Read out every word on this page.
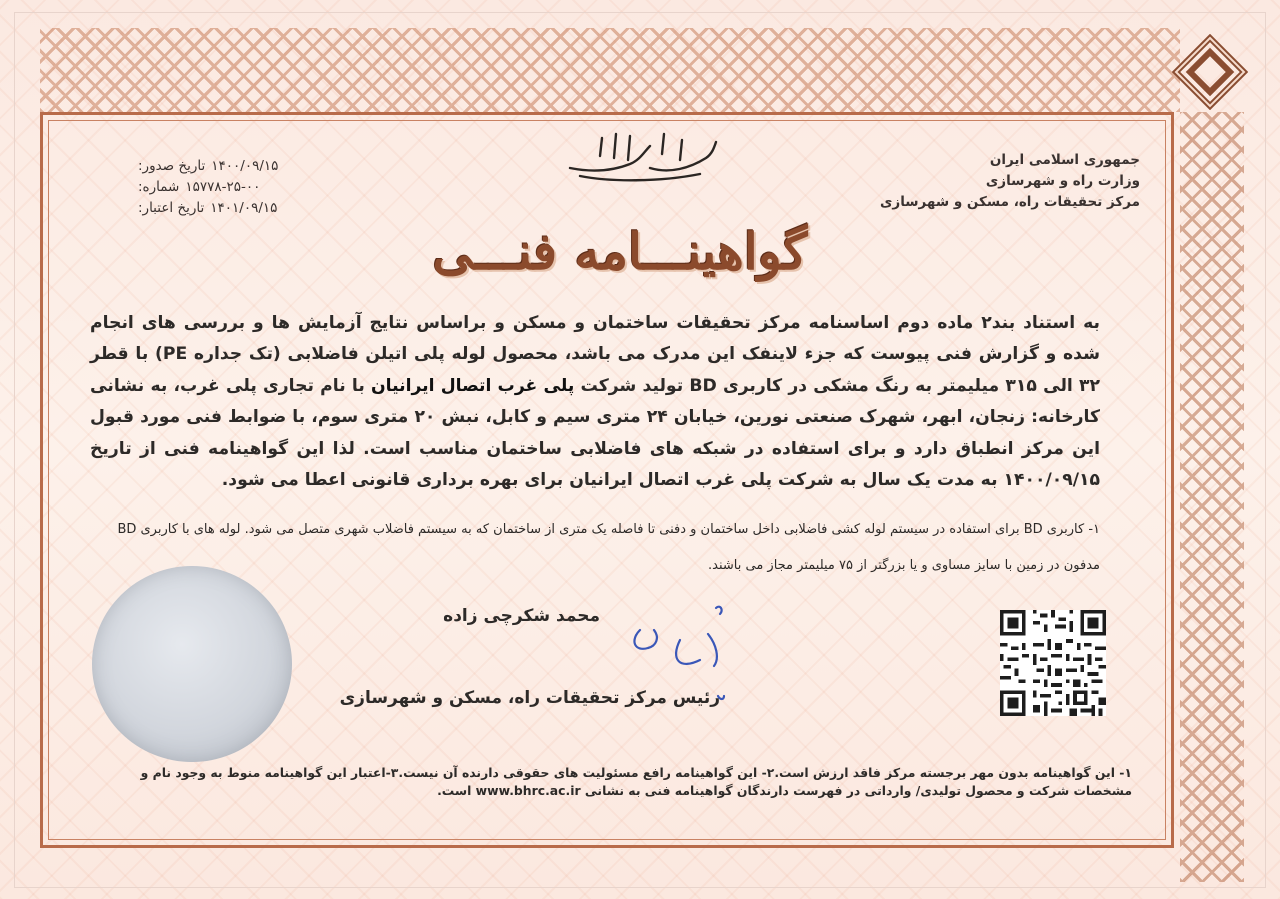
بسم الله الرحمن الرحیم
جمهوری اسلامی ایران
وزارت راه و شهرسازی
مرکز تحقیقات راه، مسکن و شهرسازی
تاریخ صدور: ۱۴۰۰/۰۹/۱۵
شماره: ۱۵۷۷۸-۲۵-۰۰
تاریخ اعتبار: ۱۴۰۱/۰۹/۱۵
گواهینـــامه فنـــی
به استناد بند۲ ماده دوم اساسنامه مرکز تحقیقات ساختمان و مسکن و براساس نتایج آزمایش ها و بررسی های انجام شده و گزارش فنی پیوست که جزء لاینفک این مدرک می باشد، محصول لوله پلی اتیلن فاضلابی (تک جداره PE) با قطر ۳۲ الی ۳۱۵ میلیمتر به رنگ مشکی در کاربری BD تولید شرکت پلی غرب اتصال ایرانیان با نام تجاری پلی غرب، به نشانی کارخانه: زنجان، ابهر، شهرک صنعتی نورین، خیابان ۲۴ متری سیم و کابل، نبش ۲۰ متری سوم، با ضوابط فنی مورد قبول این مرکز انطباق دارد و برای استفاده در شبکه های فاضلابی ساختمان مناسب است. لذا این گواهینامه فنی از تاریخ ۱۴۰۰/۰۹/۱۵ به مدت یک سال به شرکت پلی غرب اتصال ایرانیان برای بهره برداری قانونی اعطا می شود.
۱- کاربری BD برای استفاده در سیستم لوله کشی فاضلابی داخل ساختمان و دفنی تا فاصله یک متری از ساختمان که به سیستم فاضلاب شهری متصل می شود. لوله های با کاربری BD مدفون در زمین با سایز مساوی و یا بزرگتر از ۷۵ میلیمتر مجاز می باشند.
محمد شکرچی زاده
رئیس مرکز تحقیقات راه، مسکن و شهرسازی
۱- این گواهینامه بدون مهر برجسته مرکز فاقد ارزش است.۲- این گواهینامه رافع مسئولیت های حقوقی دارنده آن نیست.۳-اعتبار این گواهینامه منوط به وجود نام و مشخصات شرکت و محصول تولیدی/ وارداتی در فهرست دارندگان گواهینامه فنی به نشانی www.bhrc.ac.ir است.
